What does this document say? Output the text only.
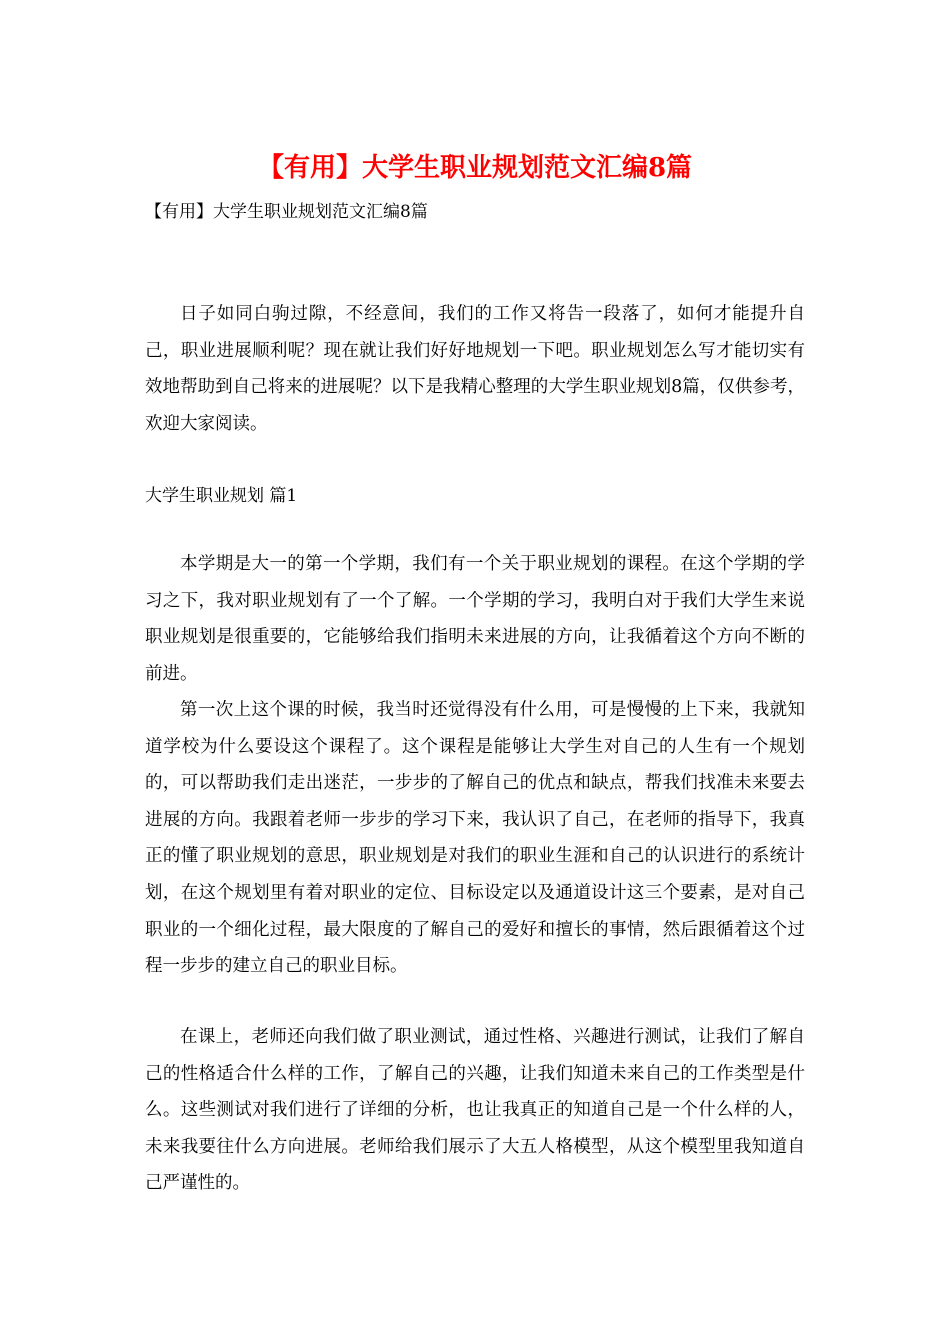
【有用】大学生职业规划范文汇编8篇
【有用】大学生职业规划范文汇编8篇

日子如同白驹过隙，不经意间，我们的工作又将告一段落了，如何才能提升自己，职业进展顺利呢？现在就让我们好好地规划一下吧。职业规划怎么写才能切实有效地帮助到自己将来的进展呢？以下是我精心整理的大学生职业规划8篇，仅供参考，欢迎大家阅读。

大学生职业规划 篇1

本学期是大一的第一个学期，我们有一个关于职业规划的课程。在这个学期的学习之下，我对职业规划有了一个了解。一个学期的学习，我明白对于我们大学生来说职业规划是很重要的，它能够给我们指明未来进展的方向，让我循着这个方向不断的前进。

第一次上这个课的时候，我当时还觉得没有什么用，可是慢慢的上下来，我就知道学校为什么要设这个课程了。这个课程是能够让大学生对自己的人生有一个规划的，可以帮助我们走出迷茫，一步步的了解自己的优点和缺点，帮我们找准未来要去进展的方向。我跟着老师一步步的学习下来，我认识了自己，在老师的指导下，我真正的懂了职业规划的意思，职业规划是对我们的职业生涯和自己的认识进行的系统计划，在这个规划里有着对职业的定位、目标设定以及通道设计这三个要素，是对自己职业的一个细化过程，最大限度的了解自己的爱好和擅长的事情，然后跟循着这个过程一步步的建立自己的职业目标。

在课上，老师还向我们做了职业测试，通过性格、兴趣进行测试，让我们了解自己的性格适合什么样的工作，了解自己的兴趣，让我们知道未来自己的工作类型是什么。这些测试对我们进行了详细的分析，也让我真正的知道自己是一个什么样的人，未来我要往什么方向进展。老师给我们展示了大五人格模型，从这个模型里我知道自己严谨性的。
